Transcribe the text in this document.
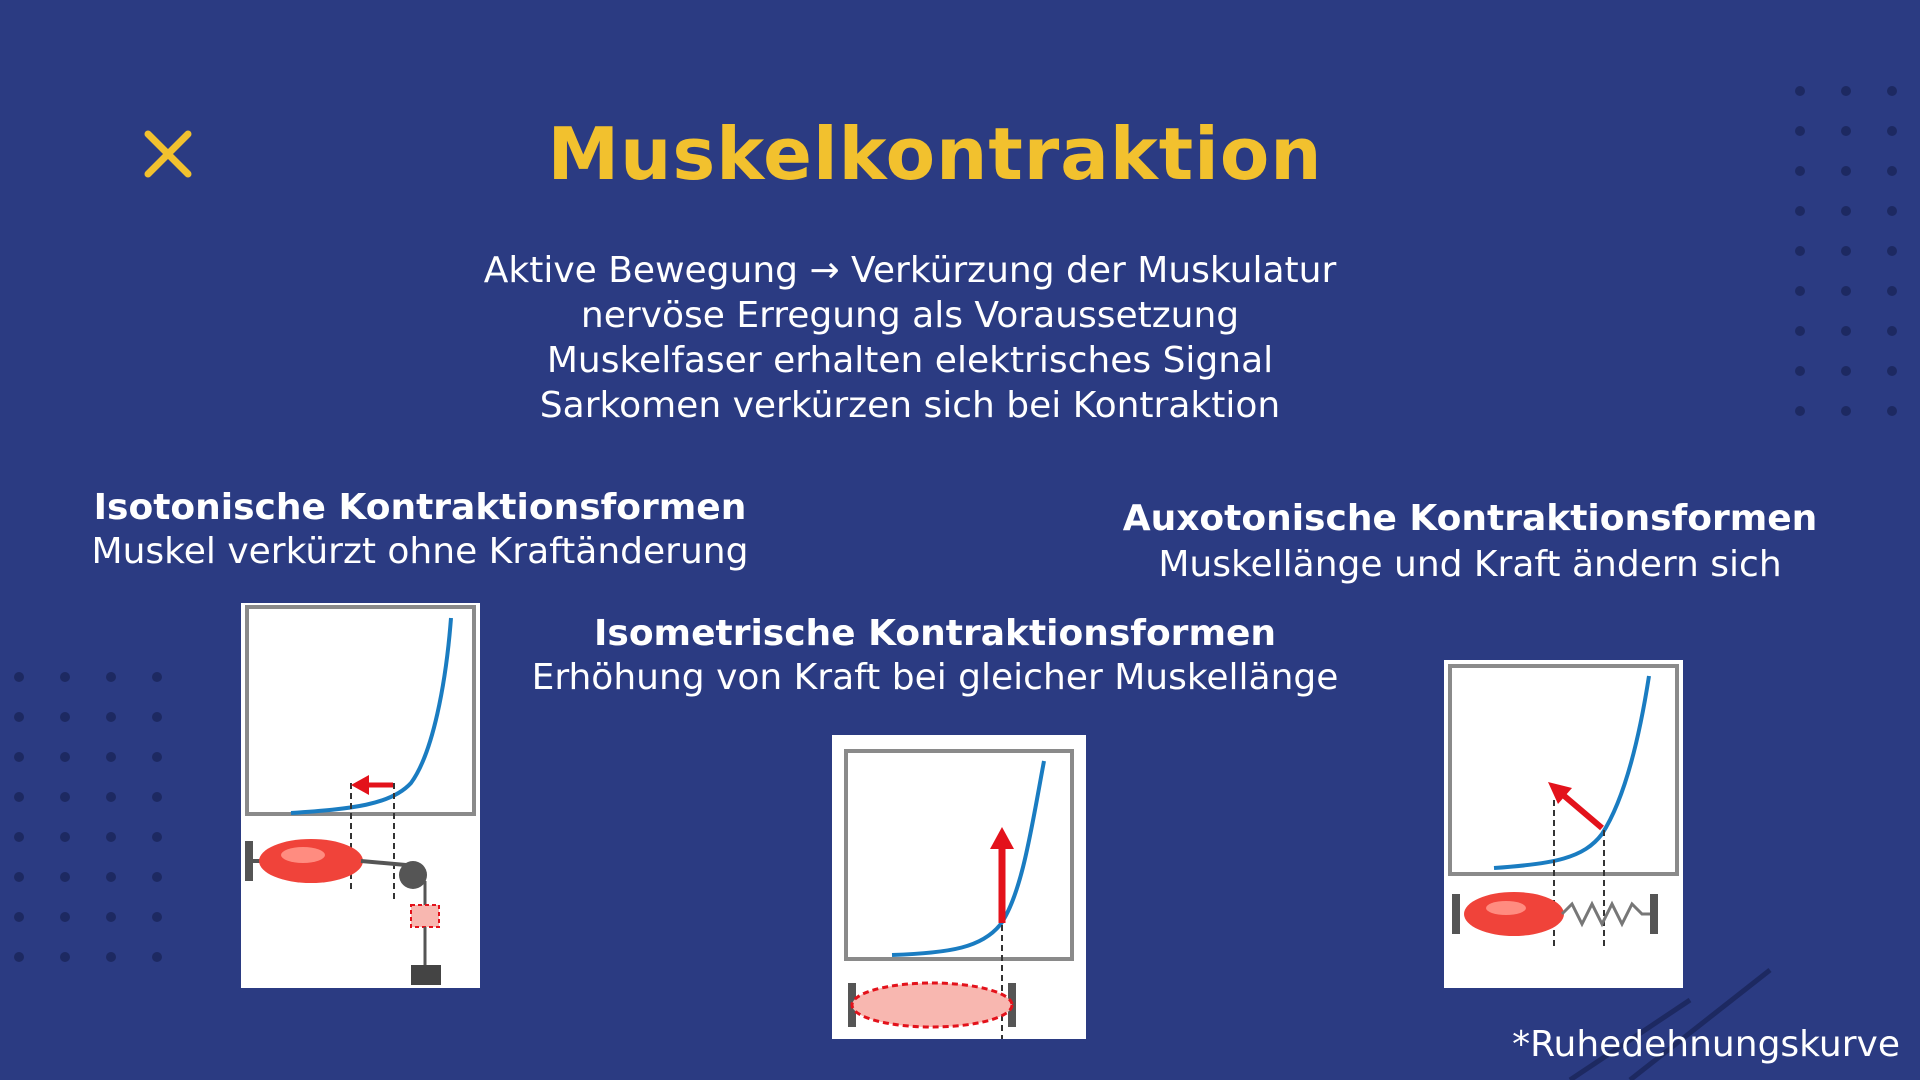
Muskelkontraktion
Aktive Bewegung → Verkürzung der Muskulatur
nervöse Erregung als Voraussetzung
Muskelfaser erhalten elektrisches Signal
Sarkomen verkürzen sich bei Kontraktion
Isotonische Kontraktionsformen
Muskel verkürzt ohne Kraftänderung
Isometrische Kontraktionsformen
Erhöhung von Kraft bei gleicher Muskellänge
Auxotonische Kontraktionsformen
Muskellänge und Kraft ändern sich
*Ruhedehnungskurve
